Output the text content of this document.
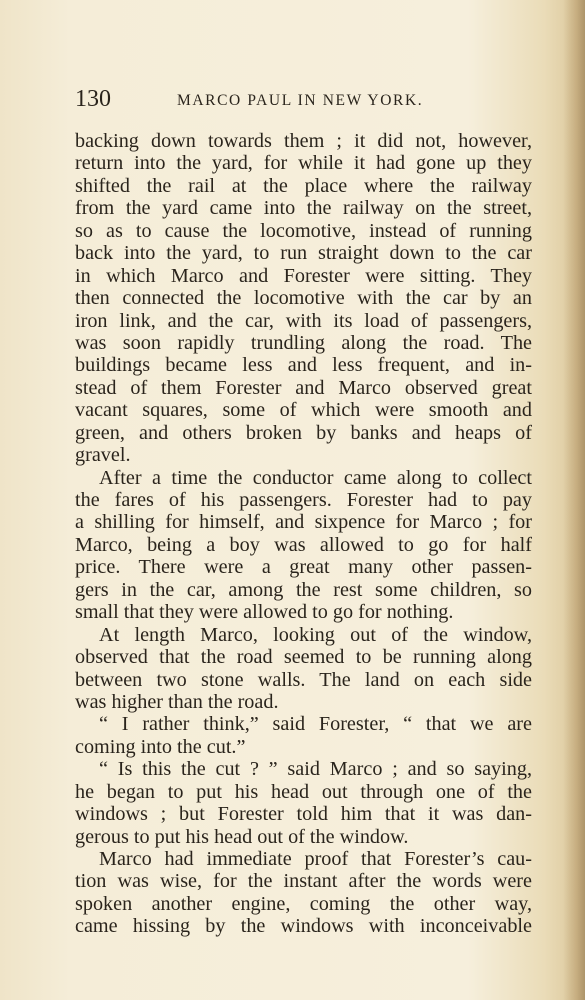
130	MARCO PAUL IN NEW YORK.
backing down towards them ; it did not, however,
return into the yard, for while it had gone up they
shifted the rail at the place where the railway
from the yard came into the railway on the street,
so as to cause the locomotive, instead of running
back into the yard, to run straight down to the car
in which Marco and Forester were sitting. They
then connected the locomotive with the car by an
iron link, and the car, with its load of passengers,
was soon rapidly trundling along the road. The
buildings became less and less frequent, and in-
stead of them Forester and Marco observed great
vacant squares, some of which were smooth and
green, and others broken by banks and heaps of
gravel.
After a time the conductor came along to collect
the fares of his passengers. Forester had to pay
a shilling for himself, and sixpence for Marco ; for
Marco, being a boy was allowed to go for half
price. There were a great many other passen-
gers in the car, among the rest some children, so
small that they were allowed to go for nothing.
At length Marco, looking out of the window,
observed that the road seemed to be running along
between two stone walls. The land on each side
was higher than the road.
“ I rather think,” said Forester, “ that we are
coming into the cut.”
“ Is this the cut ? ” said Marco ; and so saying,
he began to put his head out through one of the
windows ; but Forester told him that it was dan-
gerous to put his head out of the window.
Marco had immediate proof that Forester’s cau-
tion was wise, for the instant after the words were
spoken another engine, coming the other way,
came hissing by the windows with inconceivable
